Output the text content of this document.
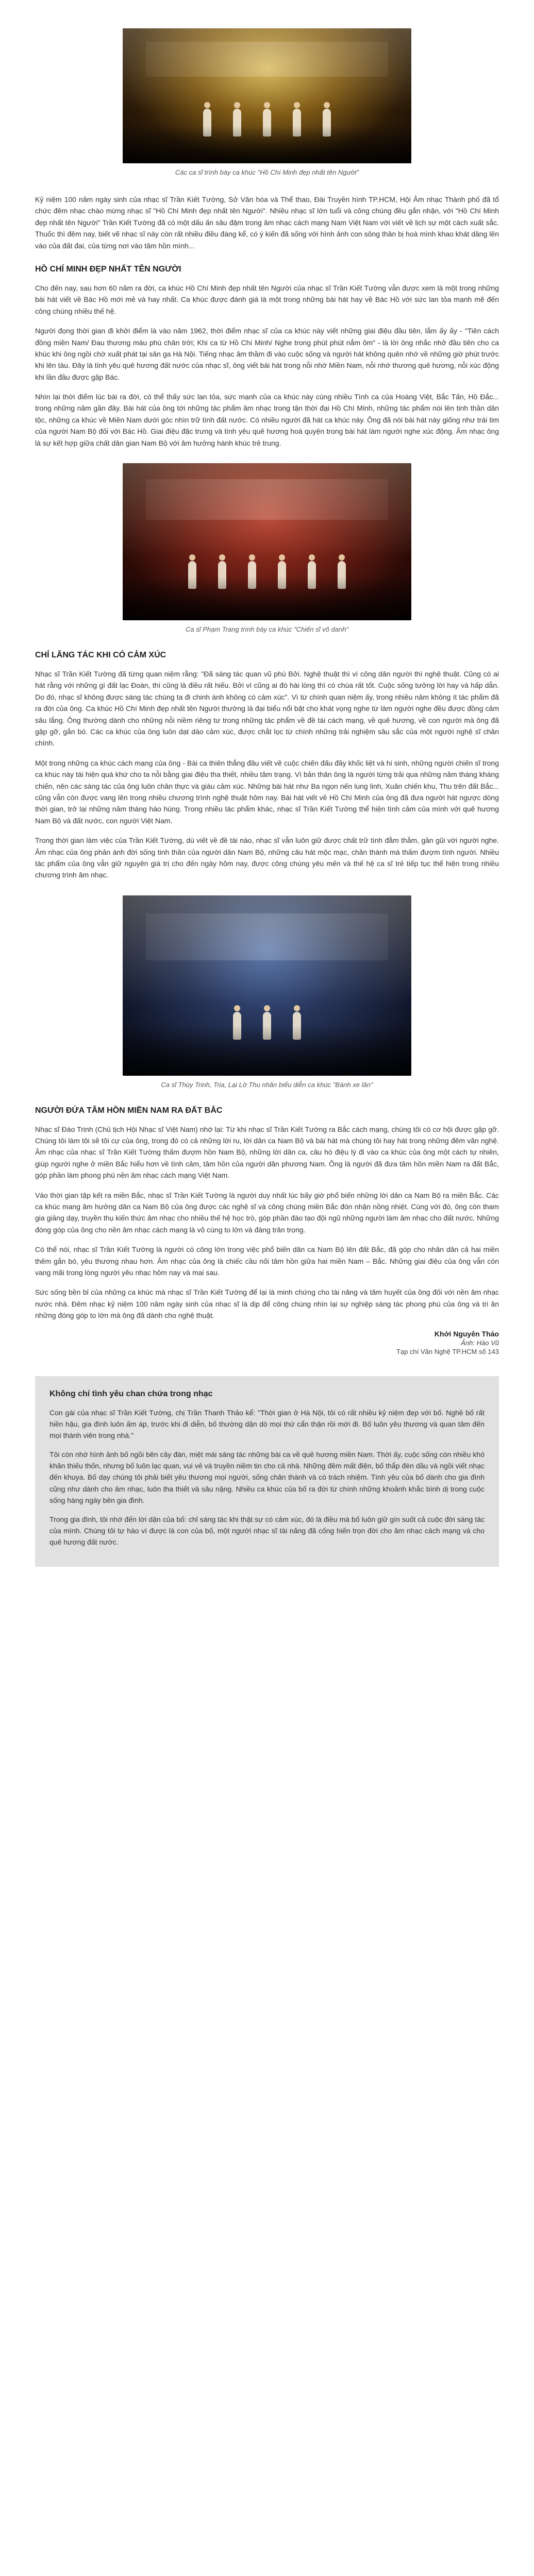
Các ca sĩ trình bày ca khúc "Hồ Chí Minh đẹp nhất tên Người"

Kỷ niệm 100 năm ngày sinh của nhạc sĩ Trần Kiết Tường, Sở Văn hóa và Thể thao, Đài Truyền hình TP.HCM, Hội Âm nhạc Thành phố đã tổ chức đêm nhạc chào mừng nhạc sĩ "Hồ Chí Minh đẹp nhất tên Người". Nhiều nhạc sĩ lớn tuổi và công chúng đều gắn nhận, với "Hồ Chí Minh đẹp nhất tên Người" Trần Kiết Tường đã có một dấu ấn sâu đậm trong âm nhạc cách mạng Nam Việt Nam với viết về lịch sự một cách xuất sắc. Thuốc thì đêm nay, biết vẽ nhạc sĩ này còn rất nhiều điều đáng kể, có ý kiến đã sống với hình ảnh con sông thân bị hoà mình khao khát dâng lên vào của đất đai, của từng nơi vào tâm hồn mình...

HỒ CHÍ MINH ĐẸP NHẤT TÊN NGƯỜI

Cho đến nay, sau hơn 60 năm ra đời, ca khúc Hồ Chí Minh đẹp nhất tên Người của nhạc sĩ Trần Kiết Tường vẫn được xem là một trong những bài hát viết về Bác Hồ mới mẻ và hay nhất. Ca khúc được đánh giá là một trong những bài hát hay về Bác Hồ với sức lan tỏa mạnh mẽ đến công chúng nhiều thế hệ.

Người đọng thời gian đi khởi điểm là vào năm 1962, thời điểm nhạc sĩ của ca khúc này viết những giai điệu đầu tiên, lắm ấy ấy - "Tiên cách đồng miền Nam/ Đau thương máu phù chân trời; Khi ca từ Hồ Chí Minh/ Nghe trong phút phút nắm ôm" - là lời ông nhắc nhở đầu tiên cho ca khúc khi ông ngồi chờ xuất phát tại sân ga Hà Nội. Tiếng nhạc âm thầm đi vào cuộc sống và người hát không quên nhớ về những giờ phút trước khi lên tàu. Đây là tình yêu quê hương đất nước của nhạc sĩ, ông viết bài hát trong nỗi nhớ Miền Nam, nỗi nhớ thương quê hương, nỗi xúc động khi lần đầu được gặp Bác.

Nhìn lại thời điểm lúc bài ra đời, có thể thấy sức lan tỏa, sức mạnh của ca khúc này cùng nhiều Tình ca của Hoàng Việt, Bắc Tấn, Hồ Đắc... trong những năm gần đây. Bài hát của ông tới những tác phẩm âm nhạc trong tận thời đại Hồ Chí Minh, những tác phẩm nói lên tinh thần dân tộc, những ca khúc về Miền Nam dưới góc nhìn trữ tình đất nước. Có nhiều người đã hát ca khúc này. Ông đã nói bài hát này giống như trái tim của người Nam Bộ đối với Bác Hồ. Giai điệu đặc trưng và tình yêu quê hương hoà quyện trong bài hát làm người nghe xúc động. Âm nhạc ông là sự kết hợp giữa chất dân gian Nam Bộ với âm hưởng hành khúc trẻ trung.

Ca sĩ Phạm Trang trình bày ca khúc "Chiến sĩ vô danh"
CHỈ LĂNG TÁC KHI CÓ CẢM XÚC

Nhạc sĩ Trần Kiết Tường đã từng quan niệm rằng: "Đã sáng tác quan vũ phù Bởi. Nghệ thuật thì vì công dân người thì nghệ thuật. Cũng có ai hát rằng với những gì đất lạc Đoàn, thì cũng là điều rất hiếu. Bởi vì cũng ai đó hài lòng thì có chúa rất tốt. Cuộc sống tưởng lời hay và hấp dẫn. Do đó, nhạc sĩ không được sáng tác chúng ta đi chinh ánh không có cảm xúc". Vì từ chính quan niệm ấy, trong nhiều năm không ít tác phẩm đã ra đời của ông. Ca khúc Hồ Chí Minh đẹp nhất tên Người thường là đại biểu nổi bật cho khát vọng nghe từ làm người nghe đều được đồng cảm sâu lắng. Ông thường dành cho những nỗi niềm riêng tư trong những tác phẩm về đề tài cách mạng, về quê hương, về con người mà ông đã gặp gỡ, gắn bó. Các ca khúc của ông luôn dạt dào cảm xúc, được chắt lọc từ chính những trải nghiệm sâu sắc của một người nghệ sĩ chân chính.

Một trong những ca khúc cách mạng của ông - Bài ca thiên thắng đầu viết về cuộc chiến đấu đầy khốc liệt và hi sinh, những người chiến sĩ trong ca khúc này tái hiện quá khứ cho ta nỗi bằng giai điệu tha thiết, nhiều tâm trạng. Vì bản thân ông là người từng trải qua những năm tháng kháng chiến, nên các sáng tác của ông luôn chân thực và giàu cảm xúc. Những bài hát như Ba ngọn nến lung linh, Xuân chiến khu, Thu trên đất Bắc... cũng vẫn còn được vang lên trong nhiều chương trình nghệ thuật hôm nay. Bài hát viết về Hồ Chí Minh của ông đã đưa người hát ngược dòng thời gian, trở lại những năm tháng hào hùng. Trong nhiều tác phẩm khác, nhạc sĩ Trần Kiết Tường thể hiện tình cảm của mình với quê hương Nam Bộ và đất nước, con người Việt Nam.

Trong thời gian làm việc của Trần Kiết Tường, dù viết về đề tài nào, nhạc sĩ vẫn luôn giữ được chất trữ tình đằm thắm, gần gũi với người nghe. Âm nhạc của ông phản ánh đời sống tinh thần của người dân Nam Bộ, những câu hát mộc mạc, chân thành mà thấm đượm tình người. Nhiều tác phẩm của ông vẫn giữ nguyên giá trị cho đến ngày hôm nay, được công chúng yêu mến và thế hệ ca sĩ trẻ tiếp tục thể hiện trong nhiều chương trình âm nhạc.

Ca sĩ Thùy Trinh, Trịa, Lại Lờ Thu nhân biểu diễn ca khúc "Bánh xe lăn"
NGƯỜI ĐỨA TÂM HỒN MIỀN NAM RA ĐẤT BẮC

Nhạc sĩ Đào Trinh (Chủ tịch Hội Nhạc sĩ Việt Nam) nhớ lại: Từ khi nhạc sĩ Trần Kiết Tường ra Bắc cách mạng, chúng tôi có cơ hội được gặp gỡ. Chúng tôi làm tôi sẽ tôi cự của ông, trong đó có cả những lời ru, lời dân ca Nam Bộ và bài hát mà chúng tôi hay hát trong những đêm văn nghệ. Âm nhạc của nhạc sĩ Trần Kiết Tường thấm đượm hồn Nam Bộ, những lời dân ca, câu hò điệu lý đi vào ca khúc của ông một cách tự nhiên, giúp người nghe ở miền Bắc hiểu hơn về tình cảm, tâm hồn của người dân phương Nam. Ông là người đã đưa tâm hồn miền Nam ra đất Bắc, góp phần làm phong phú nền âm nhạc cách mạng Việt Nam.

Vào thời gian tập kết ra miền Bắc, nhạc sĩ Trần Kiết Tường là người duy nhất lúc bấy giờ phổ biến những lời dân ca Nam Bộ ra miền Bắc. Các ca khúc mang âm hưởng dân ca Nam Bộ của ông được các nghệ sĩ và công chúng miền Bắc đón nhận nồng nhiệt. Cùng với đó, ông còn tham gia giảng dạy, truyền thụ kiến thức âm nhạc cho nhiều thế hệ học trò, góp phần đào tạo đội ngũ những người làm âm nhạc cho đất nước. Những đóng góp của ông cho nền âm nhạc cách mạng là vô cùng to lớn và đáng trân trọng.

Có thể nói, nhạc sĩ Trần Kiết Tường là người có công lớn trong việc phổ biến dân ca Nam Bộ lên đất Bắc, đã góp cho nhân dân cả hai miền thêm gắn bó, yêu thương nhau hơn. Âm nhạc của ông là chiếc cầu nối tâm hồn giữa hai miền Nam – Bắc. Những giai điệu của ông vẫn còn vang mãi trong lòng người yêu nhạc hôm nay và mai sau.

Sức sống bền bỉ của những ca khúc mà nhạc sĩ Trần Kiết Tường để lại là minh chứng cho tài năng và tâm huyết của ông đối với nền âm nhạc nước nhà. Đêm nhạc kỷ niệm 100 năm ngày sinh của nhạc sĩ là dịp để công chúng nhìn lại sự nghiệp sáng tác phong phú của ông và tri ân những đóng góp to lớn mà ông đã dành cho nghệ thuật.

Khởi Nguyên Thảo
Ảnh: Hào Vũ
Tạp chí Văn Nghệ TP.HCM số 143
Không chỉ tình yêu chan chứa trong nhạc

Con gái của nhạc sĩ Trần Kiết Tường, chị Trần Thanh Thảo kể: "Thời gian ở Hà Nội, tôi có rất nhiều kỷ niệm đẹp với bố. Nghề bố rất hiền hậu, gia đình luôn ấm áp, trước khi đi diễn, bố thường dặn dò mọi thứ cẩn thận rồi mới đi. Bố luôn yêu thương và quan tâm đến mọi thành viên trong nhà."

Tôi còn nhớ hình ảnh bố ngồi bên cây đàn, miệt mài sáng tác những bài ca về quê hương miền Nam. Thời ấy, cuộc sống còn nhiều khó khăn thiếu thốn, nhưng bố luôn lạc quan, vui vẻ và truyền niềm tin cho cả nhà. Những đêm mất điện, bố thắp đèn dầu và ngồi viết nhạc đến khuya. Bố dạy chúng tôi phải biết yêu thương mọi người, sống chân thành và có trách nhiệm. Tình yêu của bố dành cho gia đình cũng như dành cho âm nhạc, luôn tha thiết và sâu nặng. Nhiều ca khúc của bố ra đời từ chính những khoảnh khắc bình dị trong cuộc sống hàng ngày bên gia đình.

Trong gia đình, tôi nhớ đến lời dặn của bố: chỉ sáng tác khi thật sự có cảm xúc, đó là điều mà bố luôn giữ gìn suốt cả cuộc đời sáng tác của mình. Chúng tôi tự hào vì được là con của bố, một người nhạc sĩ tài năng đã cống hiến trọn đời cho âm nhạc cách mạng và cho quê hương đất nước.
